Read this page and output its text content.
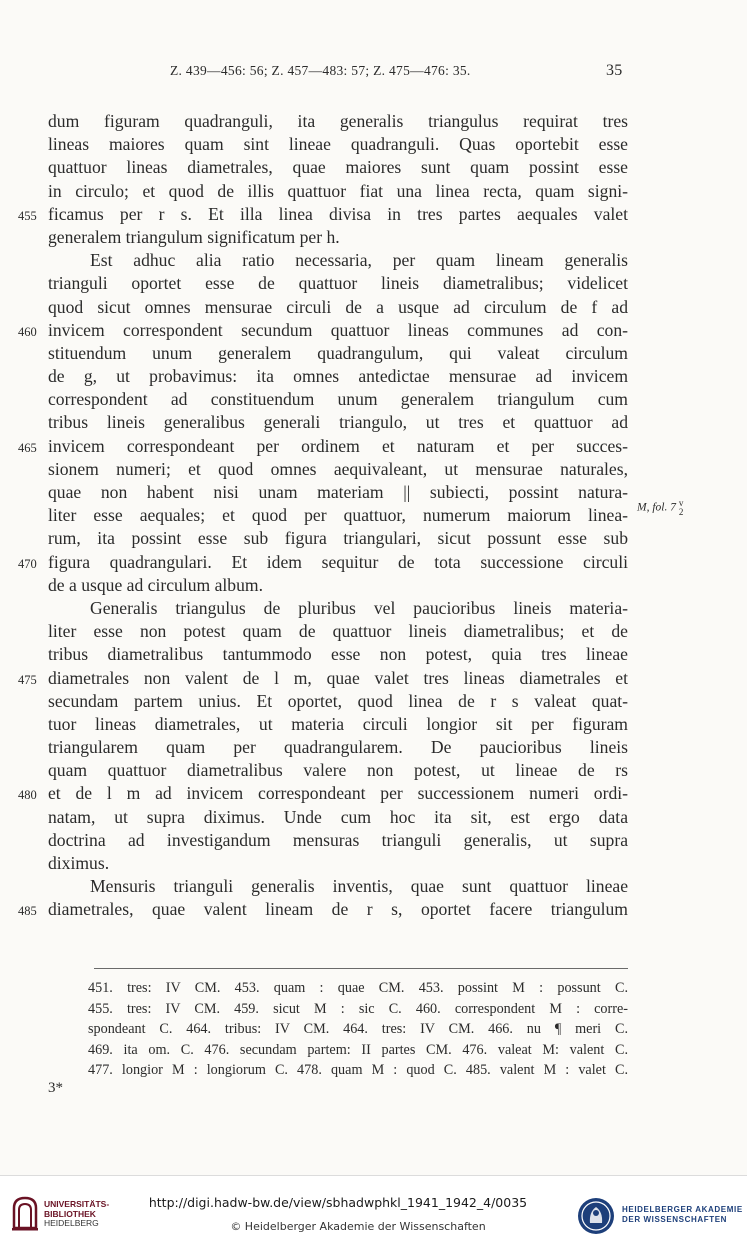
Z. 439—456: 56; Z. 457—483: 57; Z. 475—476: 35.	35
dum figuram quadranguli, ita generalis triangulus requirat tres
lineas maiores quam sint lineae quadranguli. Quas oportebit esse
quattuor lineas diametrales, quae maiores sunt quam possint esse
in circulo; et quod de illis quattuor fiat una linea recta, quam signi-
455 ficamus per r s. Et illa linea divisa in tres partes aequales valet
generalem triangulum significatum per h.
Est adhuc alia ratio necessaria, per quam lineam generalis
trianguli oportet esse de quattuor lineis diametralibus; videlicet
quod sicut omnes mensurae circuli de a usque ad circulum de f ad
460 invicem correspondent secundum quattuor lineas communes ad con-
stituendum unum generalem quadrangulum, qui valeat circulum
de g, ut probavimus: ita omnes antedictae mensurae ad invicem
correspondent ad constituendum unum generalem triangulum cum
tribus lineis generalibus generali triangulo, ut tres et quattuor ad
465 invicem correspondeant per ordinem et naturam et per succes-
sionem numeri; et quod omnes aequivaleant, ut mensurae naturales,
quae non habent nisi unam materiam || subiecti, possint natura-
liter esse aequales; et quod per quattuor, numerum maiorum linea-
rum, ita possint esse sub figura triangulari, sicut possunt esse sub
470 figura quadrangulari. Et idem sequitur de tota successione circuli
de a usque ad circulum album.
Generalis triangulus de pluribus vel paucioribus lineis materia-
liter esse non potest quam de quattuor lineis diametralibus; et de
tribus diametralibus tantummodo esse non potest, quia tres lineae
475 diametrales non valent de l m, quae valet tres lineas diametrales et
secundam partem unius. Et oportet, quod linea de r s valeat quat-
tuor lineas diametrales, ut materia circuli longior sit per figuram
triangularem quam per quadrangularem. De paucioribus lineis
quam quattuor diametralibus valere non potest, ut lineae de rs
480 et de l m ad invicem correspondeant per successionem numeri ordi-
natam, ut supra diximus. Unde cum hoc ita sit, est ergo data
doctrina ad investigandum mensuras trianguli generalis, ut supra
diximus.
Mensuris trianguli generalis inventis, quae sunt quattuor lineae
485 diametrales, quae valent lineam de r s, oportet facere triangulum
M, fol. 7 v
2
451. tres: IV CM. 453. quam : quae CM. 453. possint M : possunt C.
455. tres: IV CM. 459. sicut M : sic C. 460. correspondent M : corre-
spondeant C. 464. tribus: IV CM. 464. tres: IV CM. 466. nu ¶ meri C.
469. ita om. C. 476. secundam partem: II partes CM. 476. valeat M: valent C.
477. longior M : longiorum C. 478. quam M : quod C. 485. valent M : valet C.
3*
UNIVERSITÄTS-
BIBLIOTHEK
HEIDELBERG
http://digi.hadw-bw.de/view/sbhadwphkl_1941_1942_4/0035
© Heidelberger Akademie der Wissenschaften
HEIDELBERGER AKADEMIE
DER WISSENSCHAFTEN
